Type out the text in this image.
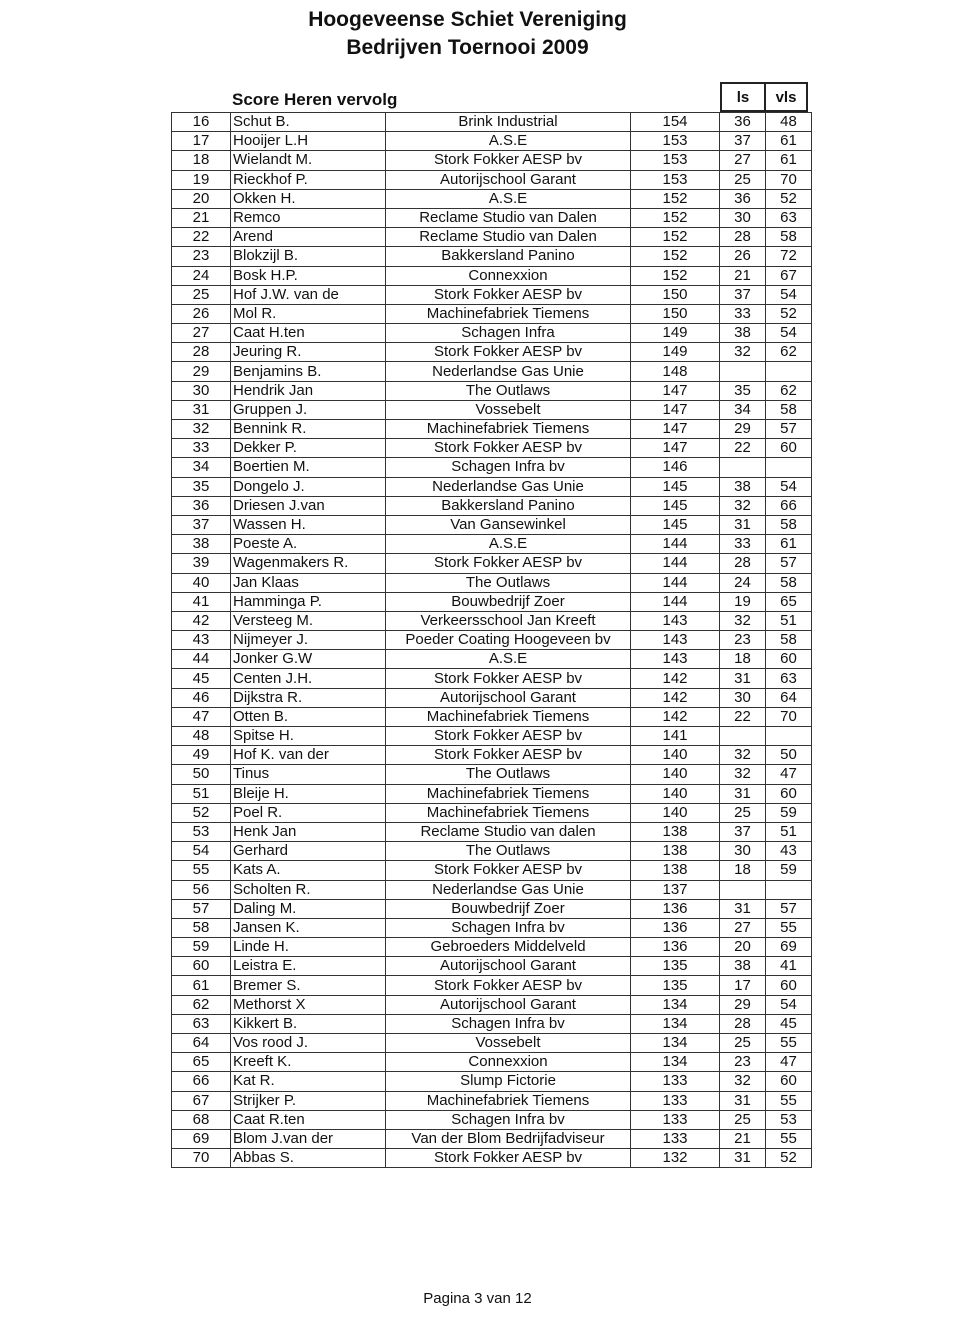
Hoogeveense Schiet Vereniging
Bedrijven Toernooi 2009
Score Heren vervolg	ls	vls
16	Schut B.	Brink Industrial	154	36	48
17	Hooijer L.H	A.S.E	153	37	61
18	Wielandt M.	Stork Fokker AESP bv	153	27	61
19	Rieckhof P.	Autorijschool Garant	153	25	70
20	Okken H.	A.S.E	152	36	52
21	Remco	Reclame Studio van Dalen	152	30	63
22	Arend	Reclame Studio van Dalen	152	28	58
23	Blokzijl B.	Bakkersland Panino	152	26	72
24	Bosk H.P.	Connexxion	152	21	67
25	Hof J.W. van de	Stork Fokker AESP bv	150	37	54
26	Mol R.	Machinefabriek Tiemens	150	33	52
27	Caat H.ten	Schagen Infra	149	38	54
28	Jeuring R.	Stork Fokker AESP bv	149	32	62
29	Benjamins B.	Nederlandse Gas Unie	148		
30	Hendrik Jan	The Outlaws	147	35	62
31	Gruppen J.	Vossebelt	147	34	58
32	Bennink R.	Machinefabriek Tiemens	147	29	57
33	Dekker P.	Stork Fokker AESP bv	147	22	60
34	Boertien M.	Schagen Infra bv	146		
35	Dongelo J.	Nederlandse Gas Unie	145	38	54
36	Driesen J.van	Bakkersland Panino	145	32	66
37	Wassen H.	Van Gansewinkel	145	31	58
38	Poeste A.	A.S.E	144	33	61
39	Wagenmakers R.	Stork Fokker AESP bv	144	28	57
40	Jan Klaas	The Outlaws	144	24	58
41	Hamminga P.	Bouwbedrijf Zoer	144	19	65
42	Versteeg M.	Verkeersschool Jan Kreeft	143	32	51
43	Nijmeyer J.	Poeder Coating Hoogeveen bv	143	23	58
44	Jonker G.W	A.S.E	143	18	60
45	Centen J.H.	Stork Fokker AESP bv	142	31	63
46	Dijkstra R.	Autorijschool Garant	142	30	64
47	Otten B.	Machinefabriek Tiemens	142	22	70
48	Spitse H.	Stork Fokker AESP bv	141		
49	Hof K. van der	Stork Fokker AESP bv	140	32	50
50	Tinus	The Outlaws	140	32	47
51	Bleije H.	Machinefabriek Tiemens	140	31	60
52	Poel R.	Machinefabriek Tiemens	140	25	59
53	Henk Jan	Reclame Studio van dalen	138	37	51
54	Gerhard	The Outlaws	138	30	43
55	Kats A.	Stork Fokker AESP bv	138	18	59
56	Scholten R.	Nederlandse Gas Unie	137		
57	Daling M.	Bouwbedrijf Zoer	136	31	57
58	Jansen K.	Schagen Infra bv	136	27	55
59	Linde H.	Gebroeders Middelveld	136	20	69
60	Leistra E.	Autorijschool Garant	135	38	41
61	Bremer S.	Stork Fokker AESP bv	135	17	60
62	Methorst X	Autorijschool Garant	134	29	54
63	Kikkert B.	Schagen Infra bv	134	28	45
64	Vos rood J.	Vossebelt	134	25	55
65	Kreeft K.	Connexxion	134	23	47
66	Kat R.	Slump Fictorie	133	32	60
67	Strijker P.	Machinefabriek Tiemens	133	31	55
68	Caat R.ten	Schagen Infra bv	133	25	53
69	Blom J.van der	Van der Blom Bedrijfadviseur	133	21	55
70	Abbas S.	Stork Fokker AESP bv	132	31	52
Pagina 3 van 12
